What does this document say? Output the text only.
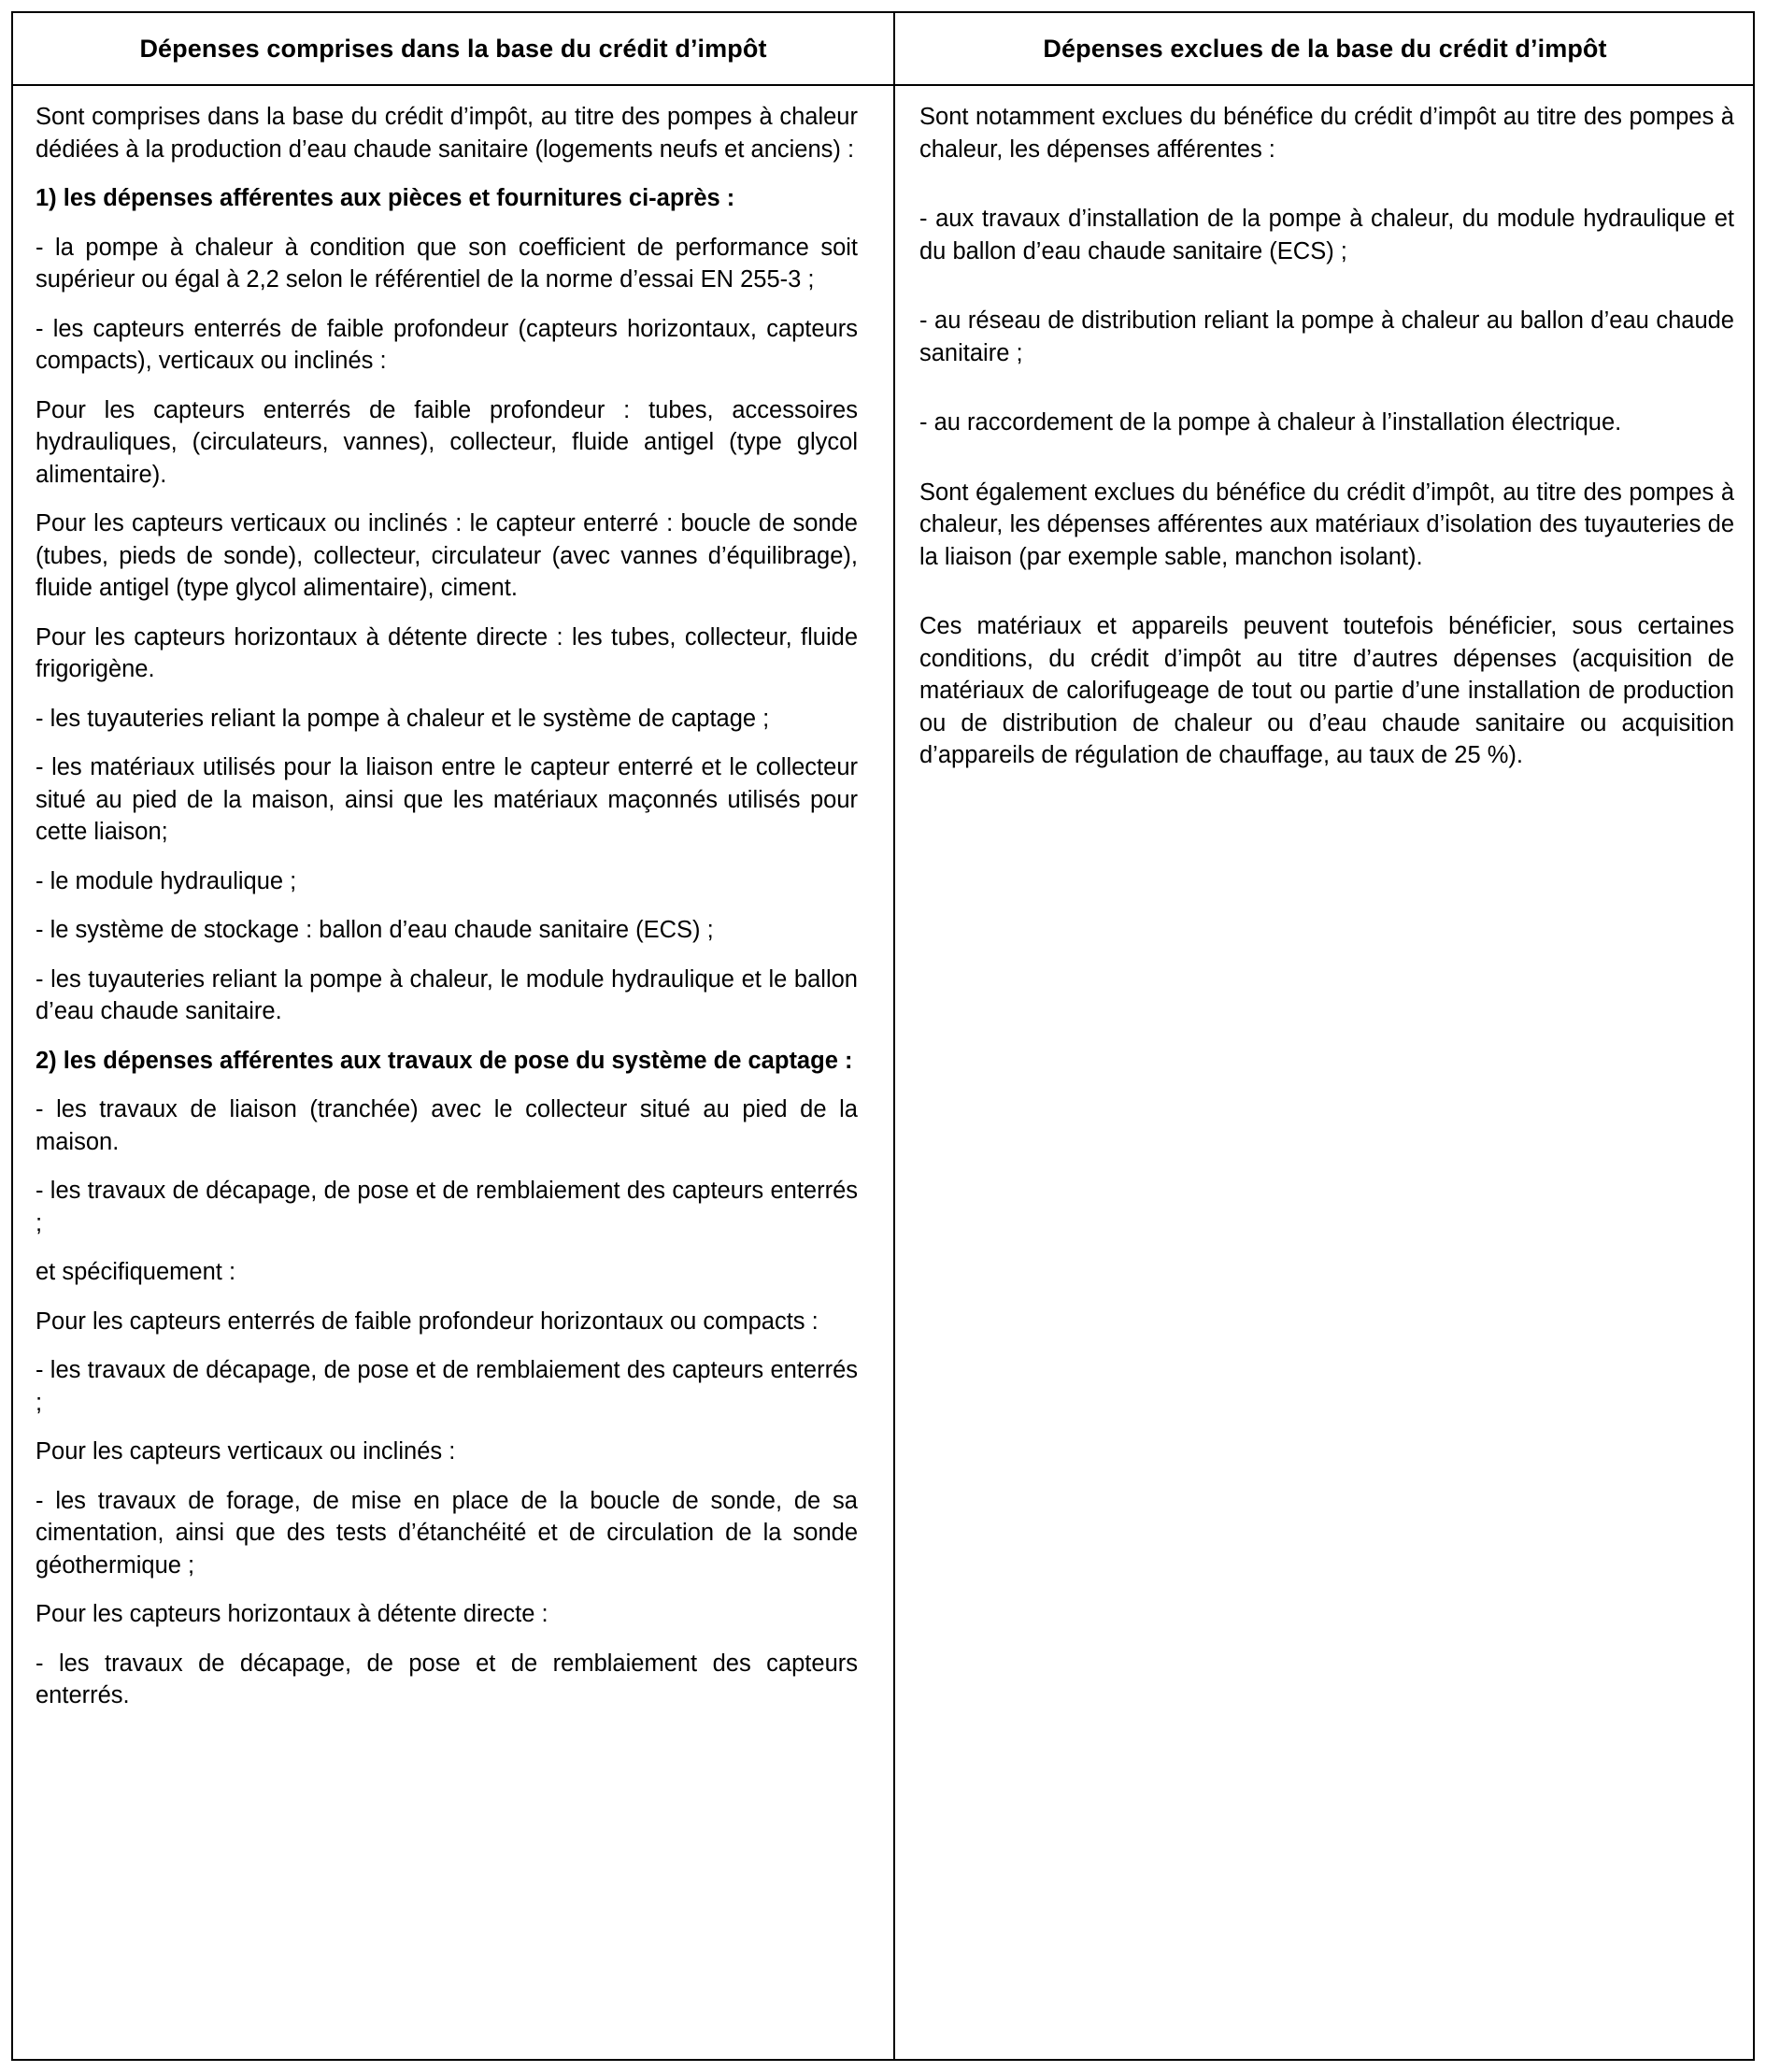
Dépenses comprises dans la base du crédit d’impôt	Dépenses exclues de la base du crédit d’impôt

Sont comprises dans la base du crédit d’impôt, au titre des pompes à chaleur dédiées à la production d’eau chaude sanitaire (logements neufs et anciens) :

1) les dépenses afférentes aux pièces et fournitures ci-après :

- la pompe à chaleur à condition que son coefficient de performance soit supérieur ou égal à 2,2 selon le référentiel de la norme d’essai EN 255-3 ;

- les capteurs enterrés de faible profondeur (capteurs horizontaux, capteurs compacts), verticaux ou inclinés :

Pour les capteurs enterrés de faible profondeur : tubes, accessoires hydrauliques, (circulateurs, vannes), collecteur, fluide antigel (type glycol alimentaire).

Pour les capteurs verticaux ou inclinés : le capteur enterré : boucle de sonde (tubes, pieds de sonde), collecteur, circulateur (avec vannes d’équilibrage), fluide antigel (type glycol alimentaire), ciment.

Pour les capteurs horizontaux à détente directe : les tubes, collecteur, fluide frigorigène.

- les tuyauteries reliant la pompe à chaleur et le système de captage ;

- les matériaux utilisés pour la liaison entre le capteur enterré et le collecteur situé au pied de la maison, ainsi que les matériaux maçonnés utilisés pour cette liaison;

- le module hydraulique ;

- le système de stockage : ballon d’eau chaude sanitaire (ECS) ;

- les tuyauteries reliant la pompe à chaleur, le module hydraulique et le ballon d’eau chaude sanitaire.

2) les dépenses afférentes aux travaux de pose du système de captage :

- les travaux de liaison (tranchée) avec le collecteur situé au pied de la maison.

- les travaux de décapage, de pose et de remblaiement des capteurs enterrés ;

et spécifiquement :

Pour les capteurs enterrés de faible profondeur horizontaux ou compacts :

- les travaux de décapage, de pose et de remblaiement des capteurs enterrés ;

Pour les capteurs verticaux ou inclinés :

- les travaux de forage, de mise en place de la boucle de sonde, de sa cimentation, ainsi que des tests d’étanchéité et de circulation de la sonde géothermique ;

Pour les capteurs horizontaux à détente directe :

- les travaux de décapage, de pose et de remblaiement des capteurs enterrés.

Sont notamment exclues du bénéfice du crédit d’impôt au titre des pompes à chaleur, les dépenses afférentes :

- aux travaux d’installation de la pompe à chaleur, du module hydraulique et du ballon d’eau chaude sanitaire (ECS) ;

- au réseau de distribution reliant la pompe à chaleur au ballon d’eau chaude sanitaire ;

- au raccordement de la pompe à chaleur à l’installation électrique.

Sont également exclues du bénéfice du crédit d’impôt, au titre des pompes à chaleur, les dépenses afférentes aux matériaux d’isolation des tuyauteries de la liaison (par exemple sable, manchon isolant).

Ces matériaux et appareils peuvent toutefois bénéficier, sous certaines conditions, du crédit d’impôt au titre d’autres dépenses (acquisition de matériaux de calorifugeage de tout ou partie d’une installation de production ou de distribution de chaleur ou d’eau chaude sanitaire ou acquisition d’appareils de régulation de chauffage, au taux de 25 %).
